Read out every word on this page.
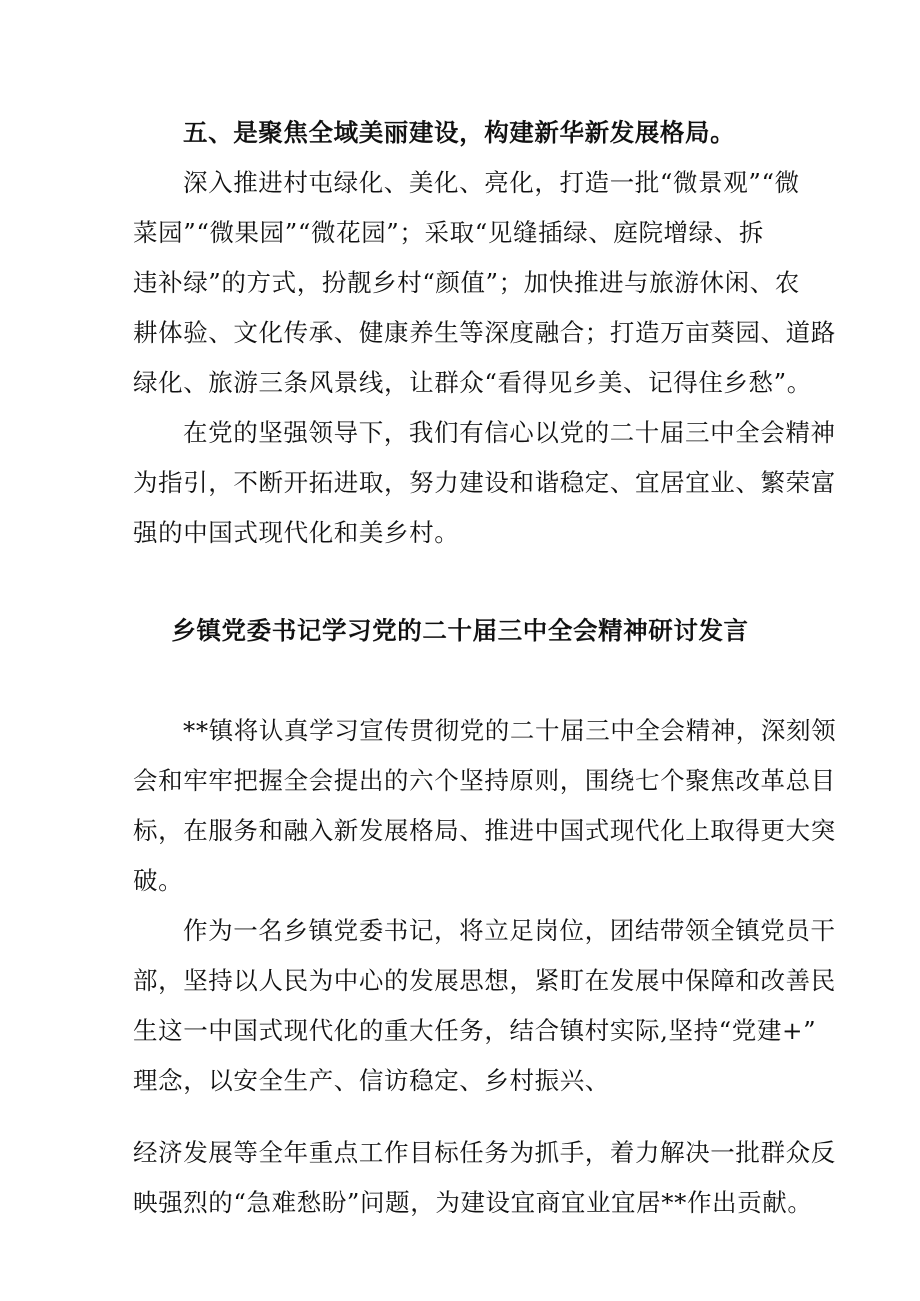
五、是聚焦全域美丽建设，构建新华新发展格局。
深入推进村屯绿化、美化、亮化，打造一批“微景观”“微
菜园”“微果园”“微花园”；采取“见缝插绿、庭院增绿、拆
违补绿”的方式，扮靓乡村“颜值”；加快推进与旅游休闲、农
耕体验、文化传承、健康养生等深度融合；打造万亩葵园、道路
绿化、旅游三条风景线，让群众“看得见乡美、记得住乡愁”。
在党的坚强领导下，我们有信心以党的二十届三中全会精神
为指引，不断开拓进取，努力建设和谐稳定、宜居宜业、繁荣富
强的中国式现代化和美乡村。
乡镇党委书记学习党的二十届三中全会精神研讨发言
**镇将认真学习宣传贯彻党的二十届三中全会精神，深刻领
会和牢牢把握全会提出的六个坚持原则，围绕七个聚焦改革总目
标，在服务和融入新发展格局、推进中国式现代化上取得更大突
破。
作为一名乡镇党委书记，将立足岗位，团结带领全镇党员干
部，坚持以人民为中心的发展思想，紧盯在发展中保障和改善民
生这一中国式现代化的重大任务，结合镇村实际,坚持“党建+”
理念，以安全生产、信访稳定、乡村振兴、
经济发展等全年重点工作目标任务为抓手，着力解决一批群众反
映强烈的“急难愁盼”问题，为建设宜商宜业宜居**作出贡献。
